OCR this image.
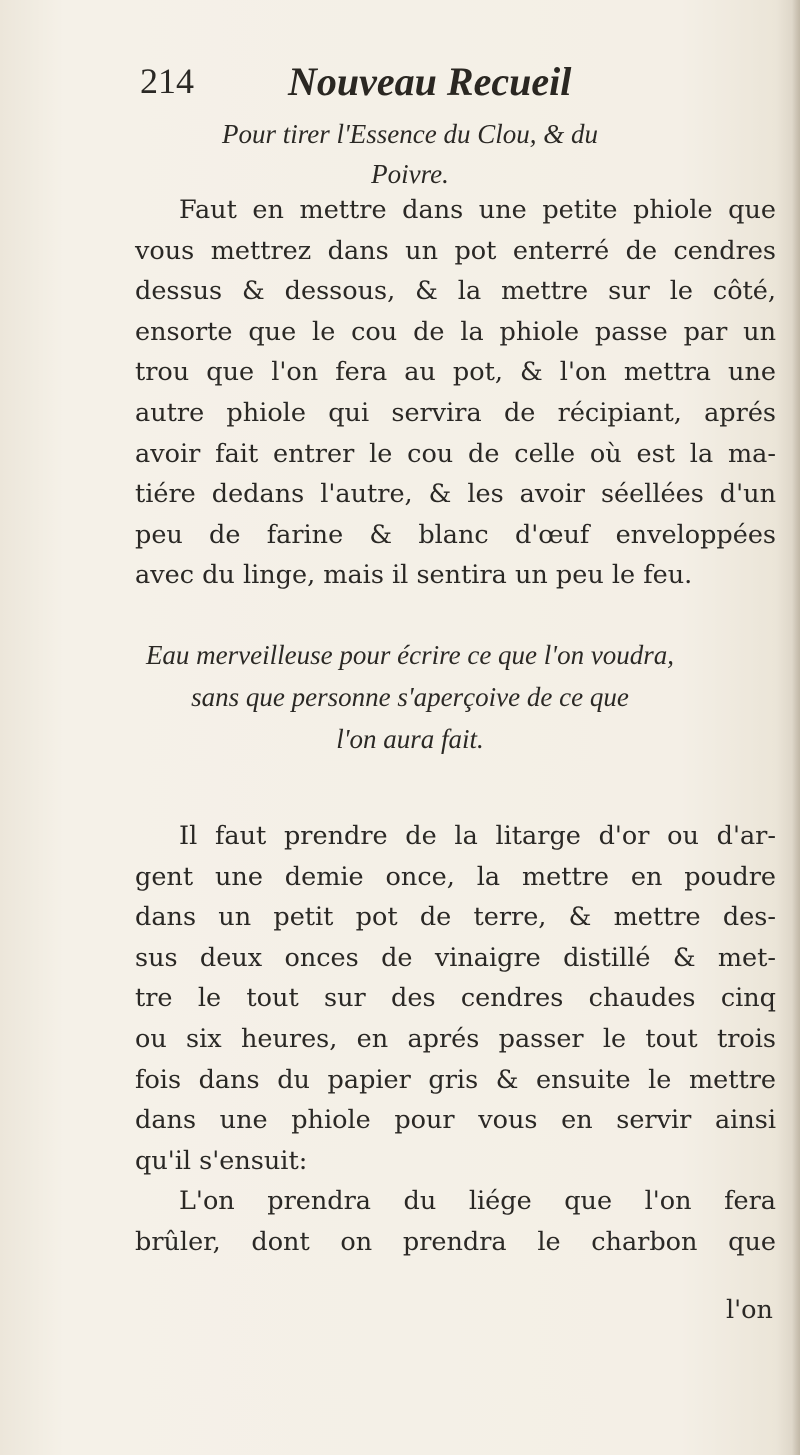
214 Nouveau Recueil
Pour tirer l'Essence du Clou, & du
Poivre.
Faut en mettre dans une petite phiole que
vous mettrez dans un pot enterré de cendres
dessus & dessous, & la mettre sur le côté,
ensorte que le cou de la phiole passe par un
trou que l'on fera au pot, & l'on mettra une
autre phiole qui servira de récipiant, aprés
avoir fait entrer le cou de celle où est la ma-
tiére dedans l'autre, & les avoir séellées d'un
peu de farine & blanc d'œuf enveloppées
avec du linge, mais il sentira un peu le feu.
Eau merveilleuse pour écrire ce que l'on voudra,
sans que personne s'aperçoive de ce que
l'on aura fait.
Il faut prendre de la litarge d'or ou d'ar-
gent une demie once, la mettre en poudre
dans un petit pot de terre, & mettre des-
sus deux onces de vinaigre distillé & met-
tre le tout sur des cendres chaudes cinq
ou six heures, en aprés passer le tout trois
fois dans du papier gris & ensuite le mettre
dans une phiole pour vous en servir ainsi
qu'il s'ensuit:
L'on prendra du liége que l'on fera
brûler, dont on prendra le charbon que
l'on
